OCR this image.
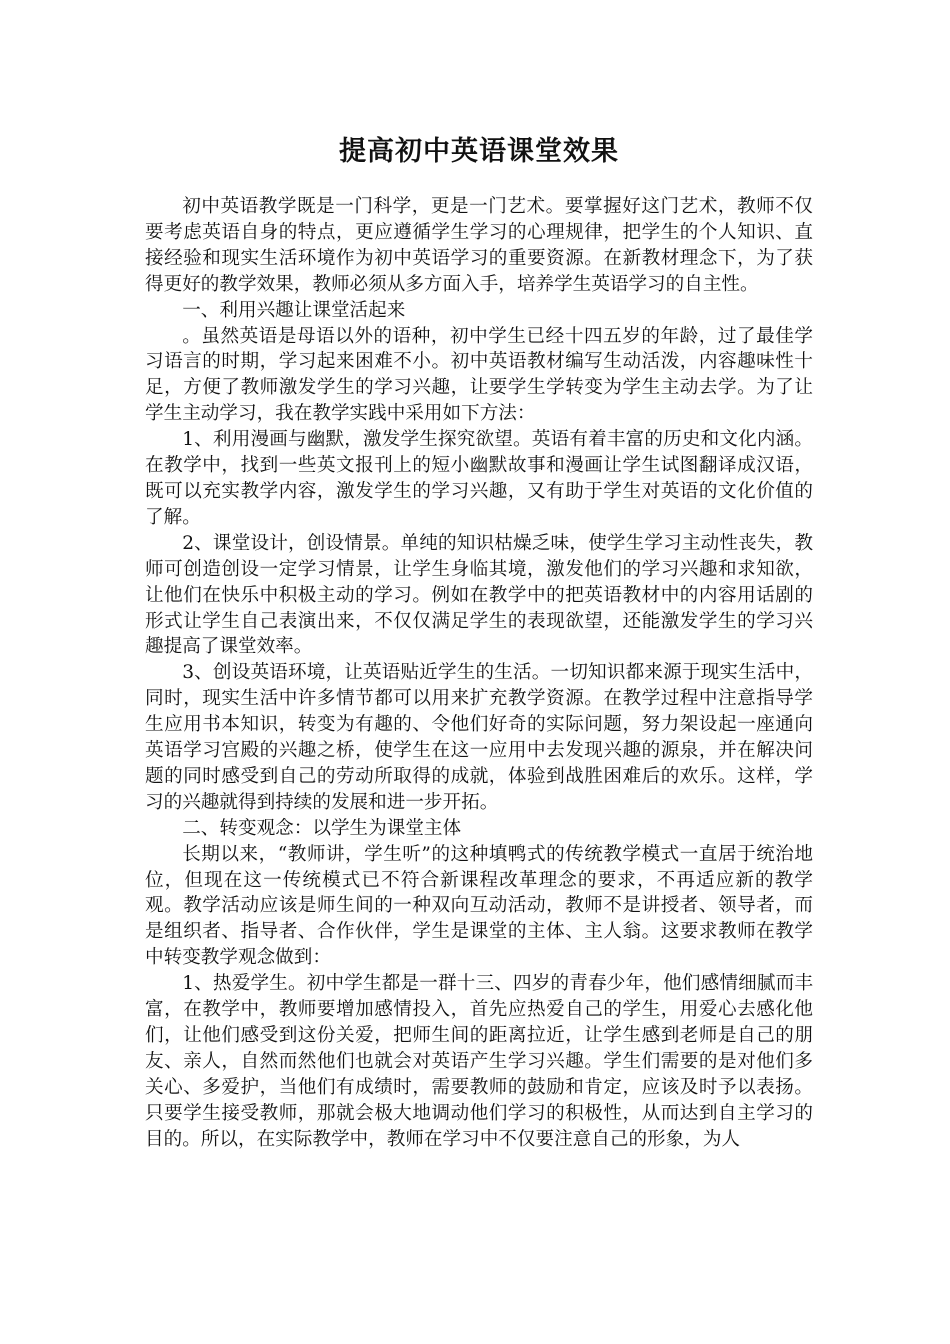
提高初中英语课堂效果

初中英语教学既是一门科学，更是一门艺术。要掌握好这门艺术，教师不仅要考虑英语自身的特点，更应遵循学生学习的心理规律，把学生的个人知识、直接经验和现实生活环境作为初中英语学习的重要资源。在新教材理念下，为了获得更好的教学效果，教师必须从多方面入手，培养学生英语学习的自主性。

一、利用兴趣让课堂活起来

。虽然英语是母语以外的语种，初中学生已经十四五岁的年龄，过了最佳学习语言的时期，学习起来困难不小。初中英语教材编写生动活泼，内容趣味性十足，方便了教师激发学生的学习兴趣，让要学生学转变为学生主动去学。为了让学生主动学习，我在教学实践中采用如下方法：

1、利用漫画与幽默，激发学生探究欲望。英语有着丰富的历史和文化内涵。在教学中，找到一些英文报刊上的短小幽默故事和漫画让学生试图翻译成汉语，既可以充实教学内容，激发学生的学习兴趣，又有助于学生对英语的文化价值的了解。

2、课堂设计，创设情景。单纯的知识枯燥乏味，使学生学习主动性丧失，教师可创造创设一定学习情景，让学生身临其境，激发他们的学习兴趣和求知欲，让他们在快乐中积极主动的学习。例如在教学中的把英语教材中的内容用话剧的形式让学生自己表演出来，不仅仅满足学生的表现欲望，还能激发学生的学习兴趣提高了课堂效率。

3、创设英语环境，让英语贴近学生的生活。一切知识都来源于现实生活中，同时，现实生活中许多情节都可以用来扩充教学资源。在教学过程中注意指导学生应用书本知识，转变为有趣的、令他们好奇的实际问题，努力架设起一座通向英语学习宫殿的兴趣之桥，使学生在这一应用中去发现兴趣的源泉，并在解决问题的同时感受到自己的劳动所取得的成就，体验到战胜困难后的欢乐。这样，学习的兴趣就得到持续的发展和进一步开拓。

二、转变观念：以学生为课堂主体

长期以来，“教师讲，学生听”的这种填鸭式的传统教学模式一直居于统治地位，但现在这一传统模式已不符合新课程改革理念的要求，不再适应新的教学观。教学活动应该是师生间的一种双向互动活动，教师不是讲授者、领导者，而是组织者、指导者、合作伙伴，学生是课堂的主体、主人翁。这要求教师在教学中转变教学观念做到：

1、热爱学生。初中学生都是一群十三、四岁的青春少年，他们感情细腻而丰富，在教学中，教师要增加感情投入，首先应热爱自己的学生，用爱心去感化他们，让他们感受到这份关爱，把师生间的距离拉近，让学生感到老师是自己的朋友、亲人，自然而然他们也就会对英语产生学习兴趣。学生们需要的是对他们多关心、多爱护，当他们有成绩时，需要教师的鼓励和肯定，应该及时予以表扬。只要学生接受教师，那就会极大地调动他们学习的积极性，从而达到自主学习的目的。所以，在实际教学中，教师在学习中不仅要注意自己的形象，为人
